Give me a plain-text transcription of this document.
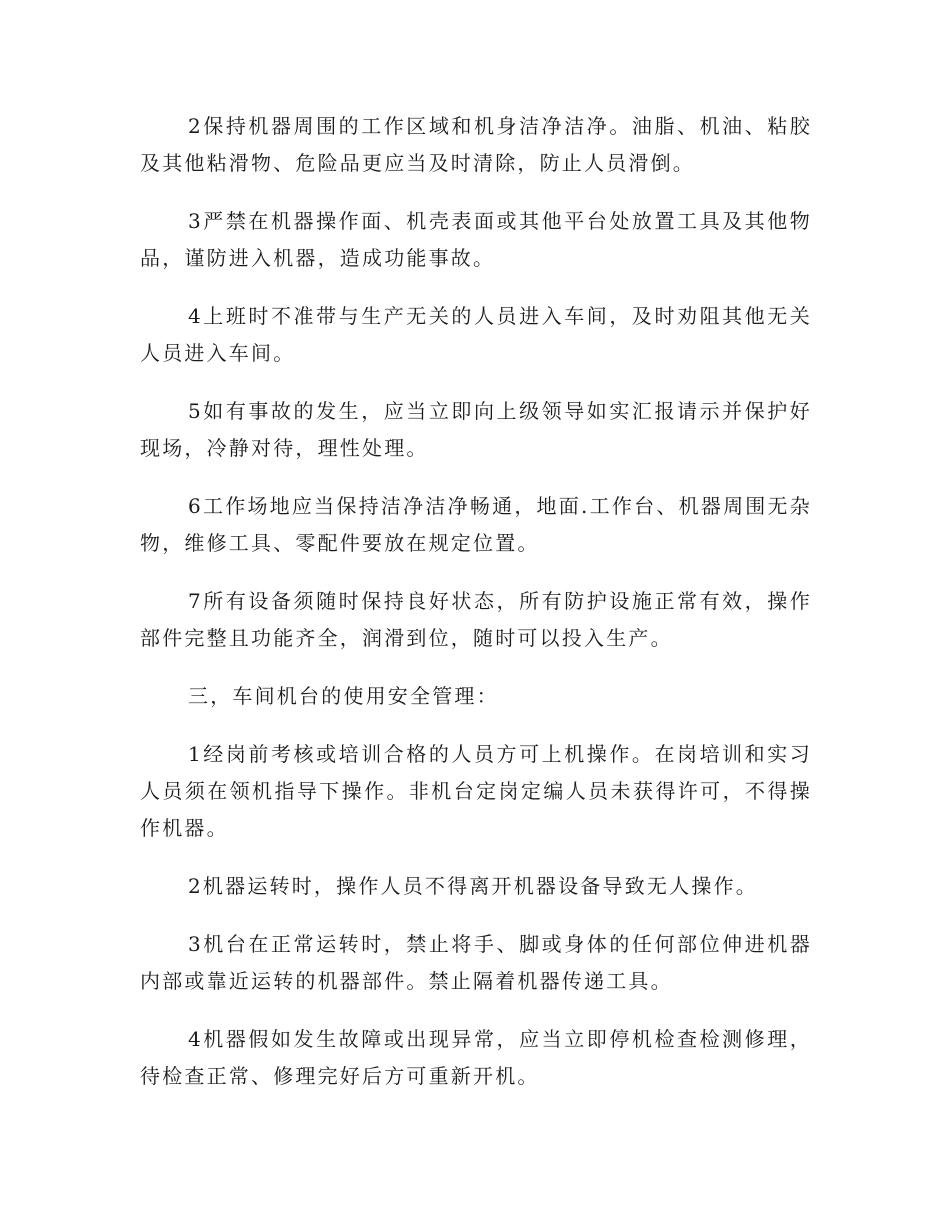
2保持机器周围的工作区域和机身洁净洁净。油脂、机油、粘胶及其他粘滑物、危险品更应当及时清除，防止人员滑倒。

3严禁在机器操作面、机壳表面或其他平台处放置工具及其他物品，谨防进入机器，造成功能事故。

4上班时不准带与生产无关的人员进入车间，及时劝阻其他无关人员进入车间。

5如有事故的发生，应当立即向上级领导如实汇报请示并保护好现场，冷静对待，理性处理。

6工作场地应当保持洁净洁净畅通，地面.工作台、机器周围无杂物，维修工具、零配件要放在规定位置。

7所有设备须随时保持良好状态，所有防护设施正常有效，操作部件完整且功能齐全，润滑到位，随时可以投入生产。

三，车间机台的使用安全管理：

1经岗前考核或培训合格的人员方可上机操作。在岗培训和实习人员须在领机指导下操作。非机台定岗定编人员未获得许可，不得操作机器。

2机器运转时，操作人员不得离开机器设备导致无人操作。

3机台在正常运转时，禁止将手、脚或身体的任何部位伸进机器内部或靠近运转的机器部件。禁止隔着机器传递工具。

4机器假如发生故障或出现异常，应当立即停机检查检测修理，待检查正常、修理完好后方可重新开机。
